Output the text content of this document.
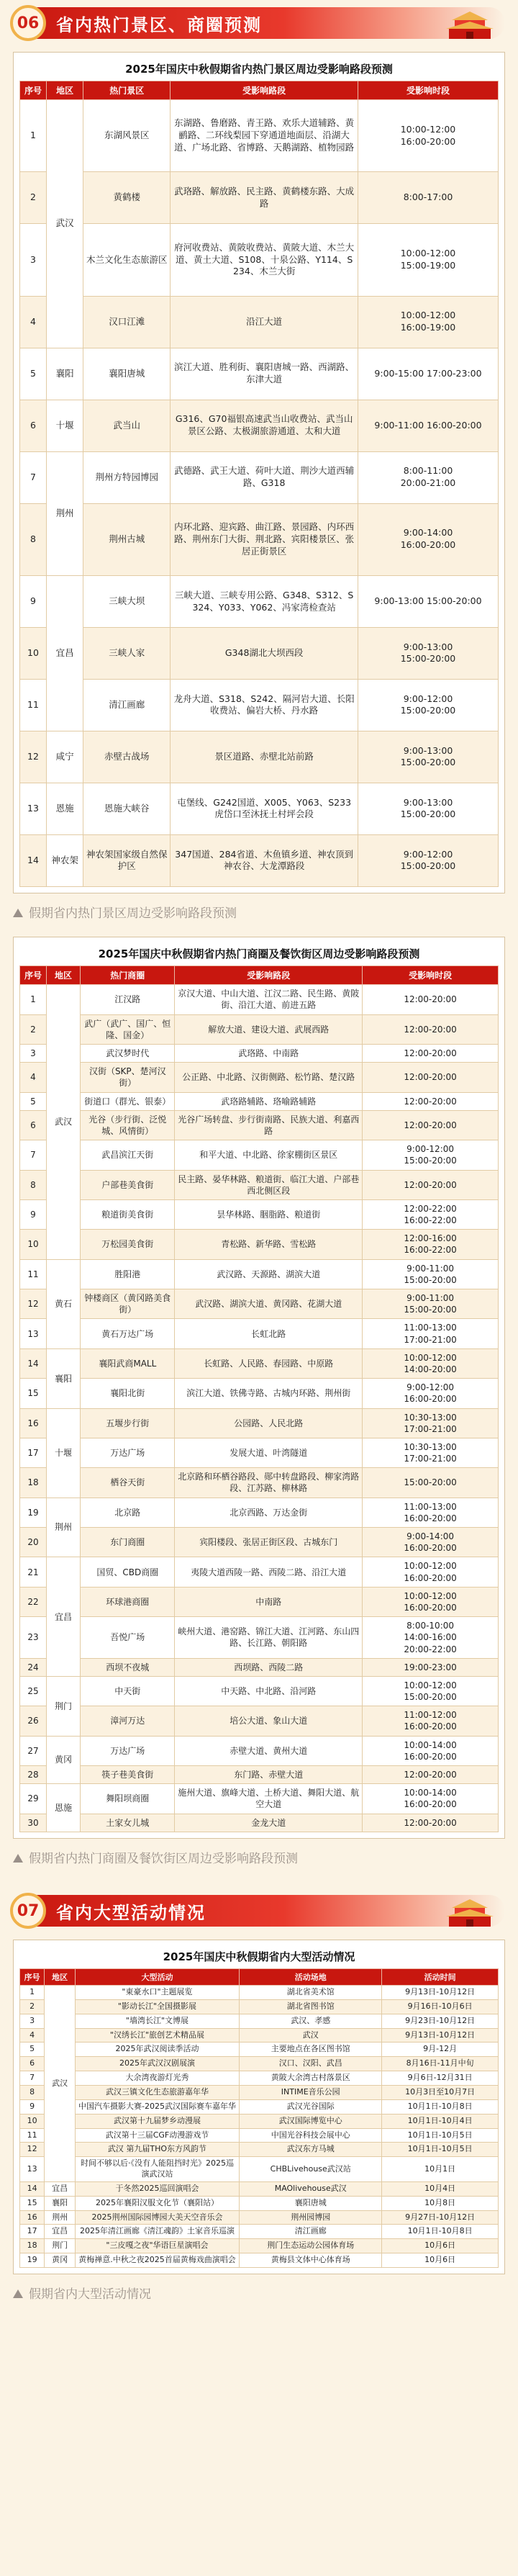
06 省内热门景区、商圈预测
2025年国庆中秋假期省内热门景区周边受影响路段预测
序号	地区	热门景区	受影响路段	受影响时段
1	武汉	东湖风景区	东湖路、鲁磨路、青王路、欢乐大道辅路、黄鹂路、二环线梨园下穿通道地面层、沿湖大道、广场北路、省博路、天鹅湖路、植物园路	10:00-12:00
16:00-20:00
2		黄鹤楼	武珞路、解放路、民主路、黄鹤楼东路、大成路	8:00-17:00
3		木兰文化生态旅游区	府河收费站、黄陂收费站、黄陂大道、木兰大道、黄土大道、S108、十泉公路、Y114、S234、木兰大街	10:00-12:00
15:00-19:00
4		汉口江滩	沿江大道	10:00-12:00
16:00-19:00
5	襄阳	襄阳唐城	滨江大道、胜利街、襄阳唐城一路、西湖路、东津大道	9:00-15:00 17:00-23:00
6	十堰	武当山	G316、G70福银高速武当山收费站、武当山景区公路、太极湖旅游通道、太和大道	9:00-11:00 16:00-20:00
7	荆州	荆州方特园博园	武德路、武王大道、荷叶大道、荆沙大道西辅路、G318	8:00-11:00
20:00-21:00
8		荆州古城	内环北路、迎宾路、曲江路、景园路、内环西路、荆州东门大街、荆北路、宾阳楼景区、张居正街景区	9:00-14:00
16:00-20:00
9	宜昌	三峡大坝	三峡大道、三峡专用公路、G348、S312、S324、Y033、Y062、冯家湾检查站	9:00-13:00 15:00-20:00
10		三峡人家	G348湖北大坝西段	9:00-13:00
15:00-20:00
11		清江画廊	龙舟大道、S318、S242、隔河岩大道、长阳收费站、偏岩大桥、丹水路	9:00-12:00
15:00-20:00
12	咸宁	赤壁古战场	景区道路、赤壁北站前路	9:00-13:00
15:00-20:00
13	恩施	恩施大峡谷	屯堡线、G242国道、X005、Y063、S233虎岱口至沐抚土村坪会段	9:00-13:00
15:00-20:00
14	神农架	神农架国家级自然保护区	347国道、284省道、木鱼镇乡道、神农顶到神农谷、大龙潭路段	9:00-12:00
15:00-20:00
假期省内热门景区周边受影响路段预测
2025年国庆中秋假期省内热门商圈及餐饮街区周边受影响路段预测
序号	地区	热门商圈	受影响路段	受影响时段
1	武汉	江汉路	京汉大道、中山大道、江汉二路、民生路、黄陂街、沿江大道、前进五路	12:00-20:00
2		武广（武广、国广、恒隆、国金）	解放大道、建设大道、武展西路	12:00-20:00
3		武汉梦时代	武珞路、中南路	12:00-20:00
4		汉街（SKP、楚河汉街）	公正路、中北路、汉街侧路、松竹路、楚汉路	12:00-20:00
5		街道口（群光、银泰）	武珞路辅路、珞喻路辅路	12:00-20:00
6		光谷（步行街、泛悦城、风情街）	光谷广场转盘、步行街南路、民族大道、利嘉西路	12:00-20:00
7		武昌滨江天街	和平大道、中北路、徐家棚街区景区	9:00-12:00
15:00-20:00
8		户部巷美食街	民主路、晏华林路、粮道街、临江大道、户部巷西北侧区段	12:00-20:00
9		粮道街美食街	昙华林路、胭脂路、粮道街	12:00-22:00
16:00-22:00
10		万松园美食街	青松路、新华路、雪松路	12:00-16:00
16:00-22:00
11	黄石	胜阳港	武汉路、天源路、湖滨大道	9:00-11:00
15:00-20:00
12		钟楼商区（黄冈路美食街）	武汉路、湖滨大道、黄冈路、花湖大道	9:00-11:00
15:00-20:00
13		黄石万达广场	长虹北路	11:00-13:00
17:00-21:00
14	襄阳	襄阳武商MALL	长虹路、人民路、春园路、中原路	10:00-12:00
14:00-20:00
15		襄阳北街	滨江大道、铁佛寺路、古城内环路、荆州街	9:00-12:00
16:00-20:00
16	十堰	五堰步行街	公园路、人民北路	10:30-13:00
17:00-21:00
17		万达广场	发展大道、叶湾隧道	10:30-13:00
17:00-21:00
18		栖谷天街	北京路和环栖谷路段、郧中转盘路段、柳家湾路段、江苏路、柳林路	15:00-20:00
19	荆州	北京路	北京西路、万达金街	11:00-13:00
16:00-20:00
20		东门商圈	宾阳楼段、张居正街区段、古城东门	9:00-14:00
16:00-20:00
21	宜昌	国贸、CBD商圈	夷陵大道西陵一路、西陵二路、沿江大道	10:00-12:00
16:00-20:00
22		环球港商圈	中南路	10:00-12:00
16:00-20:00
23		吾悦广场	峡州大道、港窑路、锦江大道、江河路、东山四路、长江路、朝阳路	8:00-10:00
14:00-16:00
20:00-22:00
24		西坝不夜城	西坝路、西陵二路	19:00-23:00
25	荆门	中天街	中天路、中北路、沿河路	10:00-12:00
15:00-20:00
26		漳河万达	培公大道、象山大道	11:00-12:00
16:00-20:00
27	黄冈	万达广场	赤壁大道、黄州大道	10:00-14:00
16:00-20:00
28		筷子巷美食街	东门路、赤壁大道	12:00-20:00
29	恩施	舞阳坝商圈	施州大道、旗峰大道、土桥大道、舞阳大道、航空大道	10:00-14:00
16:00-20:00
30		土家女儿城	金龙大道	12:00-20:00
假期省内热门商圈及餐饮街区周边受影响路段预测
07 省内大型活动情况
2025年国庆中秋假期省内大型活动情况
序号	地区	大型活动	活动场地	活动时间
1	武汉	"東豪水口"主题展览	湖北省美术馆	9月13日-10月12日
2		"影动长江"全国摄影展	湖北省图书馆	9月16日-10月6日
3		"墙湾长江"文博展	武汉、孝感	9月23日-10月12日
4		"汉绣长江"旅创艺术精品展	武汉	9月13日-10月12日
5		2025年武汉阅读季活动	主要地点在各区图书馆	9月-12月
6		2025年武汉汉剧展演	汉口、汉阳、武昌	8月16日-11月中旬
7		大余湾夜游灯光秀	黄陂大余湾古村落景区	9月6日-12月31日
8		武汉三镇文化生态旅游嘉年华	INTIME音乐公园	10月3日至10月7日
9		中国汽车摄影大赛-2025武汉国际赛车嘉年华	武汉光谷国际	10月1日-10月8日
10		武汉第十九届梦乡动漫展	武汉国际博览中心	10月1日-10月4日
11		武汉第十三届CGF动漫游戏节	中国光谷科技会展中心	10月1日-10月5日
12		武汉 第九届THO东方风韵节	武汉东方马城	10月1日-10月5日
13		时间不够以后·《没有人能阻挡时光》2025巡演武汉站	CHBLivehouse武汉站	10月1日
14	宜昌	于冬然2025巡回演唱会	MAOlivehouse武汉	10月4日
15	襄阳	2025年襄阳汉服文化节（襄阳站）	襄阳唐城	10月8日
16	荆州	2025荆州国际园博园大美天空音乐会	荆州园博园	9月27日-10月12日
17	宜昌	2025年清江画廊《清江魂韵》土家音乐巡演	清江画廊	10月1日-10月8日
18	荆门	"三皮嘎之夜"华语巨星演唱会	荆门生态运动公园体育场	10月6日
19	黄冈	黄梅禅意.中秋之夜2025首届黄梅戏曲演唱会	黄梅县文体中心体育场	10月6日
假期省内大型活动情况
